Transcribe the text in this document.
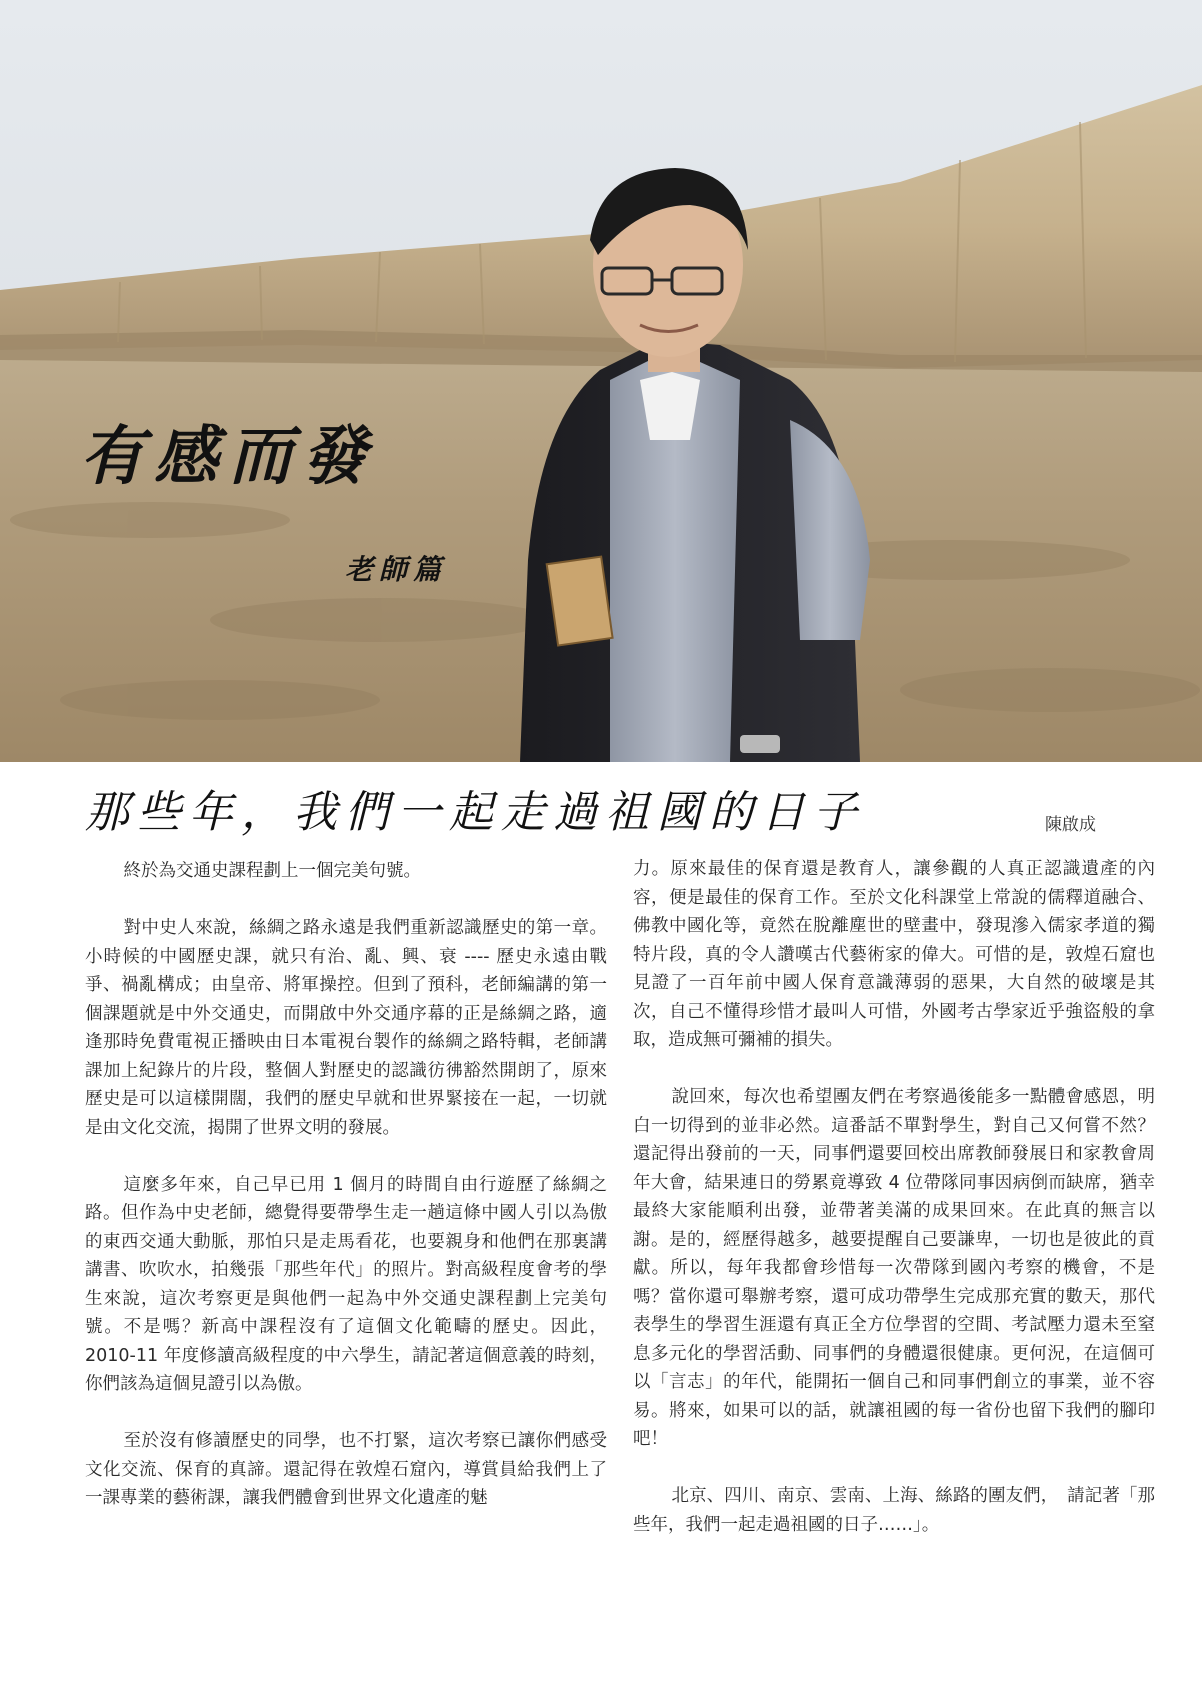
有感而發
老師篇
那些年，我們一起走過祖國的日子	陳啟成

終於為交通史課程劃上一個完美句號。

對中史人來說，絲綢之路永遠是我們重新認識歷史的第一章。小時候的中國歷史課，就只有治、亂、興、衰 ---- 歷史永遠由戰爭、禍亂構成；由皇帝、將軍操控。但到了預科，老師編講的第一個課題就是中外交通史，而開啟中外交通序幕的正是絲綢之路，適逢那時免費電視正播映由日本電視台製作的絲綢之路特輯，老師講課加上紀錄片的片段，整個人對歷史的認識彷彿豁然開朗了，原來歷史是可以這樣開闊，我們的歷史早就和世界緊接在一起，一切就是由文化交流，揭開了世界文明的發展。

這麼多年來，自己早已用 1 個月的時間自由行遊歷了絲綢之路。但作為中史老師，總覺得要帶學生走一趟這條中國人引以為傲的東西交通大動脈，那怕只是走馬看花，也要親身和他們在那裏講講書、吹吹水，拍幾張「那些年代」的照片。對高級程度會考的學生來說，這次考察更是與他們一起為中外交通史課程劃上完美句號。不是嗎？新高中課程沒有了這個文化範疇的歷史。因此，2010-11 年度修讀高級程度的中六學生，請記著這個意義的時刻，你們該為這個見證引以為傲。

至於沒有修讀歷史的同學，也不打緊，這次考察已讓你們感受文化交流、保育的真諦。還記得在敦煌石窟內，導賞員給我們上了一課專業的藝術課，讓我們體會到世界文化遺產的魅

力。原來最佳的保育還是教育人，讓參觀的人真正認識遺產的內容，便是最佳的保育工作。至於文化科課堂上常說的儒釋道融合、佛教中國化等，竟然在脫離塵世的壁畫中，發現滲入儒家孝道的獨特片段，真的令人讚嘆古代藝術家的偉大。可惜的是，敦煌石窟也見證了一百年前中國人保育意識薄弱的惡果，大自然的破壞是其次，自己不懂得珍惜才最叫人可惜，外國考古學家近乎強盜般的拿取，造成無可彌補的損失。

說回來，每次也希望團友們在考察過後能多一點體會感恩，明白一切得到的並非必然。這番話不單對學生，對自己又何嘗不然？還記得出發前的一天，同事們還要回校出席教師發展日和家教會周年大會，結果連日的勞累竟導致 4 位帶隊同事因病倒而缺席，猶幸最終大家能順利出發，並帶著美滿的成果回來。在此真的無言以謝。是的，經歷得越多，越要提醒自己要謙卑，一切也是彼此的貢獻。所以，每年我都會珍惜每一次帶隊到國內考察的機會，不是嗎？當你還可舉辦考察，還可成功帶學生完成那充實的數天，那代表學生的學習生涯還有真正全方位學習的空間、考試壓力還未至窒息多元化的學習活動、同事們的身體還很健康。更何況，在這個可以「言志」的年代，能開拓一個自己和同事們創立的事業，並不容易。將來，如果可以的話，就讓祖國的每一省份也留下我們的腳印吧！

北京、四川、南京、雲南、上海、絲路的團友們，　請記著「那些年，我們一起走過祖國的日子……」。
